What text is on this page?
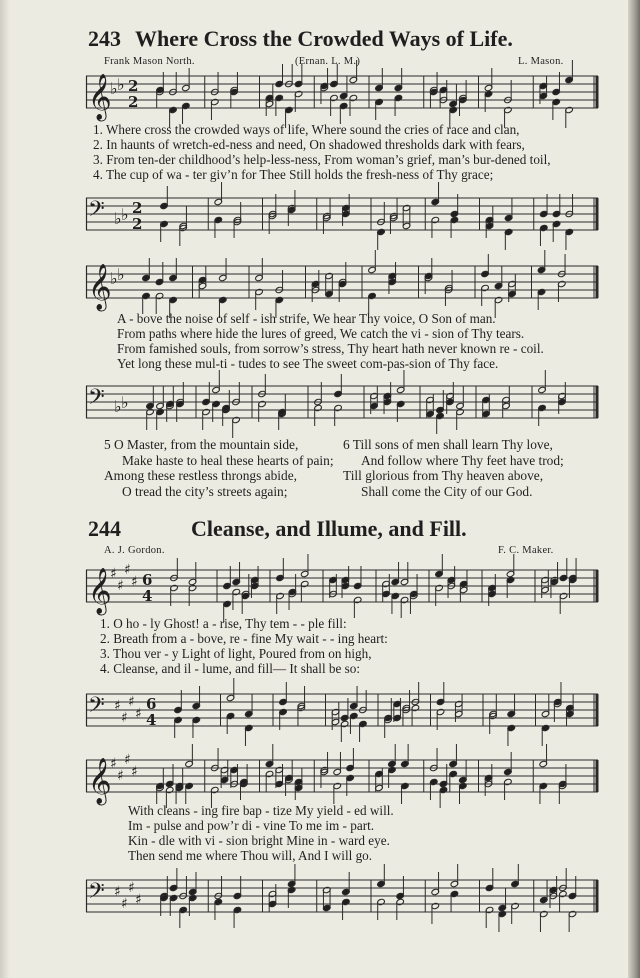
243 Where Cross the Crowded Ways of Life.
Frank Mason North.	(Ernan. L. M.)	L. Mason.
𝄞
♭ ♭ 2
2
1. Where cross the crowded ways of life, Where sound the cries of race and clan,
2. In haunts of wretch-ed-ness and need, On shadowed thresholds dark with fears,
3. From ten-der childhood’s help-less-ness, From woman’s grief, man’s bur-dened toil,
4. The cup of wa - ter giv’n for Thee Still holds the fresh-ness of Thy grace;
𝄢 ♭ ♭ 2
2
𝄞
♭ ♭
A - bove the noise of self - ish strife, We hear Thy voice, O Son of man.
From paths where hide the lures of greed, We catch the vi - sion of Thy tears.
From famished souls, from sorrow’s stress, Thy heart hath never known re - coil.
Yet long these mul-ti - tudes to see The sweet com-pas-sion of Thy face.
𝄢 ♭ ♭
5 O Master, from the mountain side,
Make haste to heal these hearts of pain;
Among these restless throngs abide,
O tread the city’s streets again;
6 Till sons of men shall learn Thy love,
And follow where Thy feet have trod;
Till glorious from Thy heaven above,
Shall come the City of our God.
244	Cleanse, and Illume, and Fill.
A. J. Gordon.	F. C. Maker.
𝄞
♯
♯
♯
♯ 6
4
1. O ho - ly Ghost! a - rise, Thy tem - - ple fill:
2. Breath from a - bove, re - fine My wait - - ing heart:
3. Thou ver - y Light of light, Poured from on high,
4. Cleanse, and il - lume, and fill— It shall be so:
𝄢 ♯
♯
♯
♯
6
4
𝄞
♯
♯
♯
♯
With cleans - ing fire bap - tize My yield - ed will.
Im - pulse and pow’r di - vine To me im - part.
Kin - dle with vi - sion bright Mine in - ward eye.
Then send me where Thou will, And I will go.
𝄢 ♯
♯
♯
♯
